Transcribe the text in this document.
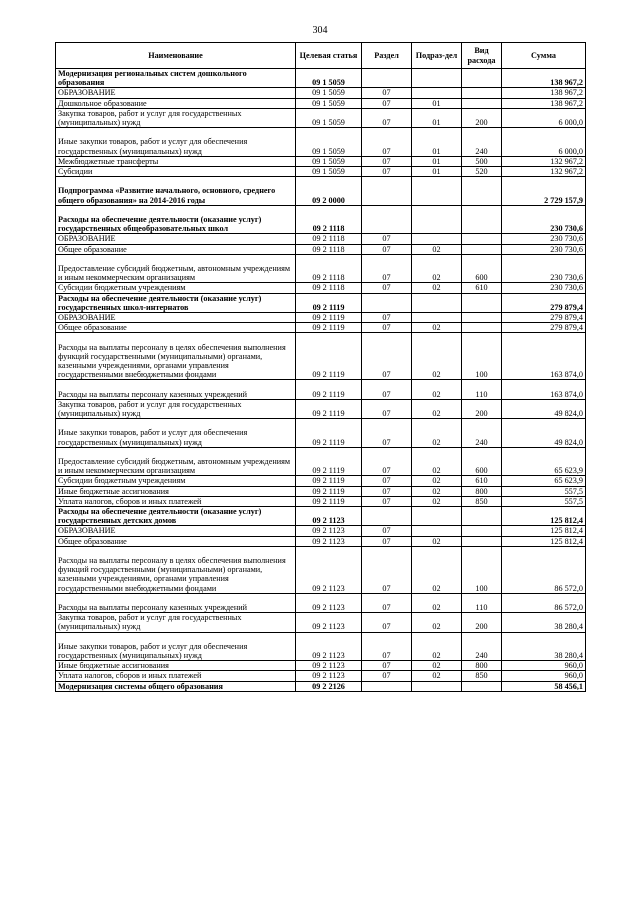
304
Наименование	Целевая статья	Раздел	Подраз-дел	Вид расхода	Сумма
Модернизация региональных систем дошкольного образования	09 1 5059				138 967,2
ОБРАЗОВАНИЕ	09 1 5059	07			138 967,2
Дошкольное образование	09 1 5059	07	01		138 967,2
Закупка товаров, работ и услуг для государственных (муниципальных) нужд	09 1 5059	07	01	200	6 000,0
Иные закупки товаров, работ и услуг для обеспечения государственных (муниципальных) нужд	09 1 5059	07	01	240	6 000,0
Межбюджетные трансферты	09 1 5059	07	01	500	132 967,2
Субсидии	09 1 5059	07	01	520	132 967,2
Подпрограмма «Развитие начального, основного, среднего общего образования» на 2014-2016 годы	09 2 0000				2 729 157,9
Расходы на обеспечение деятельности (оказание услуг) государственных общеобразовательных школ	09 2 1118				230 730,6
ОБРАЗОВАНИЕ	09 2 1118	07			230 730,6
Общее образование	09 2 1118	07	02		230 730,6
Предоставление субсидий бюджетным, автономным учреждениям и иным некоммерческим организациям	09 2 1118	07	02	600	230 730,6
Субсидии бюджетным учреждениям	09 2 1118	07	02	610	230 730,6
Расходы на обеспечение деятельности (оказание услуг) государственных школ-интернатов	09 2 1119				279 879,4
ОБРАЗОВАНИЕ	09 2 1119	07			279 879,4
Общее образование	09 2 1119	07	02		279 879,4
Расходы на выплаты персоналу в целях обеспечения выполнения функций государственными (муниципальными) органами, казенными учреждениями, органами управления государственными внебюджетными фондами	09 2 1119	07	02	100	163 874,0
Расходы на выплаты персоналу казенных учреждений	09 2 1119	07	02	110	163 874,0
Закупка товаров, работ и услуг для государственных (муниципальных) нужд	09 2 1119	07	02	200	49 824,0
Иные закупки товаров, работ и услуг для обеспечения государственных (муниципальных) нужд	09 2 1119	07	02	240	49 824,0
Предоставление субсидий бюджетным, автономным учреждениям и иным некоммерческим организациям	09 2 1119	07	02	600	65 623,9
Субсидии бюджетным учреждениям	09 2 1119	07	02	610	65 623,9
Иные бюджетные ассигнования	09 2 1119	07	02	800	557,5
Уплата налогов, сборов и иных платежей	09 2 1119	07	02	850	557,5
Расходы на обеспечение деятельности (оказание услуг) государственных детских домов	09 2 1123				125 812,4
ОБРАЗОВАНИЕ	09 2 1123	07			125 812,4
Общее образование	09 2 1123	07	02		125 812,4
Расходы на выплаты персоналу в целях обеспечения выполнения функций государственными (муниципальными) органами, казенными учреждениями, органами управления государственными внебюджетными фондами	09 2 1123	07	02	100	86 572,0
Расходы на выплаты персоналу казенных учреждений	09 2 1123	07	02	110	86 572,0
Закупка товаров, работ и услуг для государственных (муниципальных) нужд	09 2 1123	07	02	200	38 280,4
Иные закупки товаров, работ и услуг для обеспечения государственных (муниципальных) нужд	09 2 1123	07	02	240	38 280,4
Иные бюджетные ассигнования	09 2 1123	07	02	800	960,0
Уплата налогов, сборов и иных платежей	09 2 1123	07	02	850	960,0
Модернизация системы общего образования	09 2 2126				58 456,1
